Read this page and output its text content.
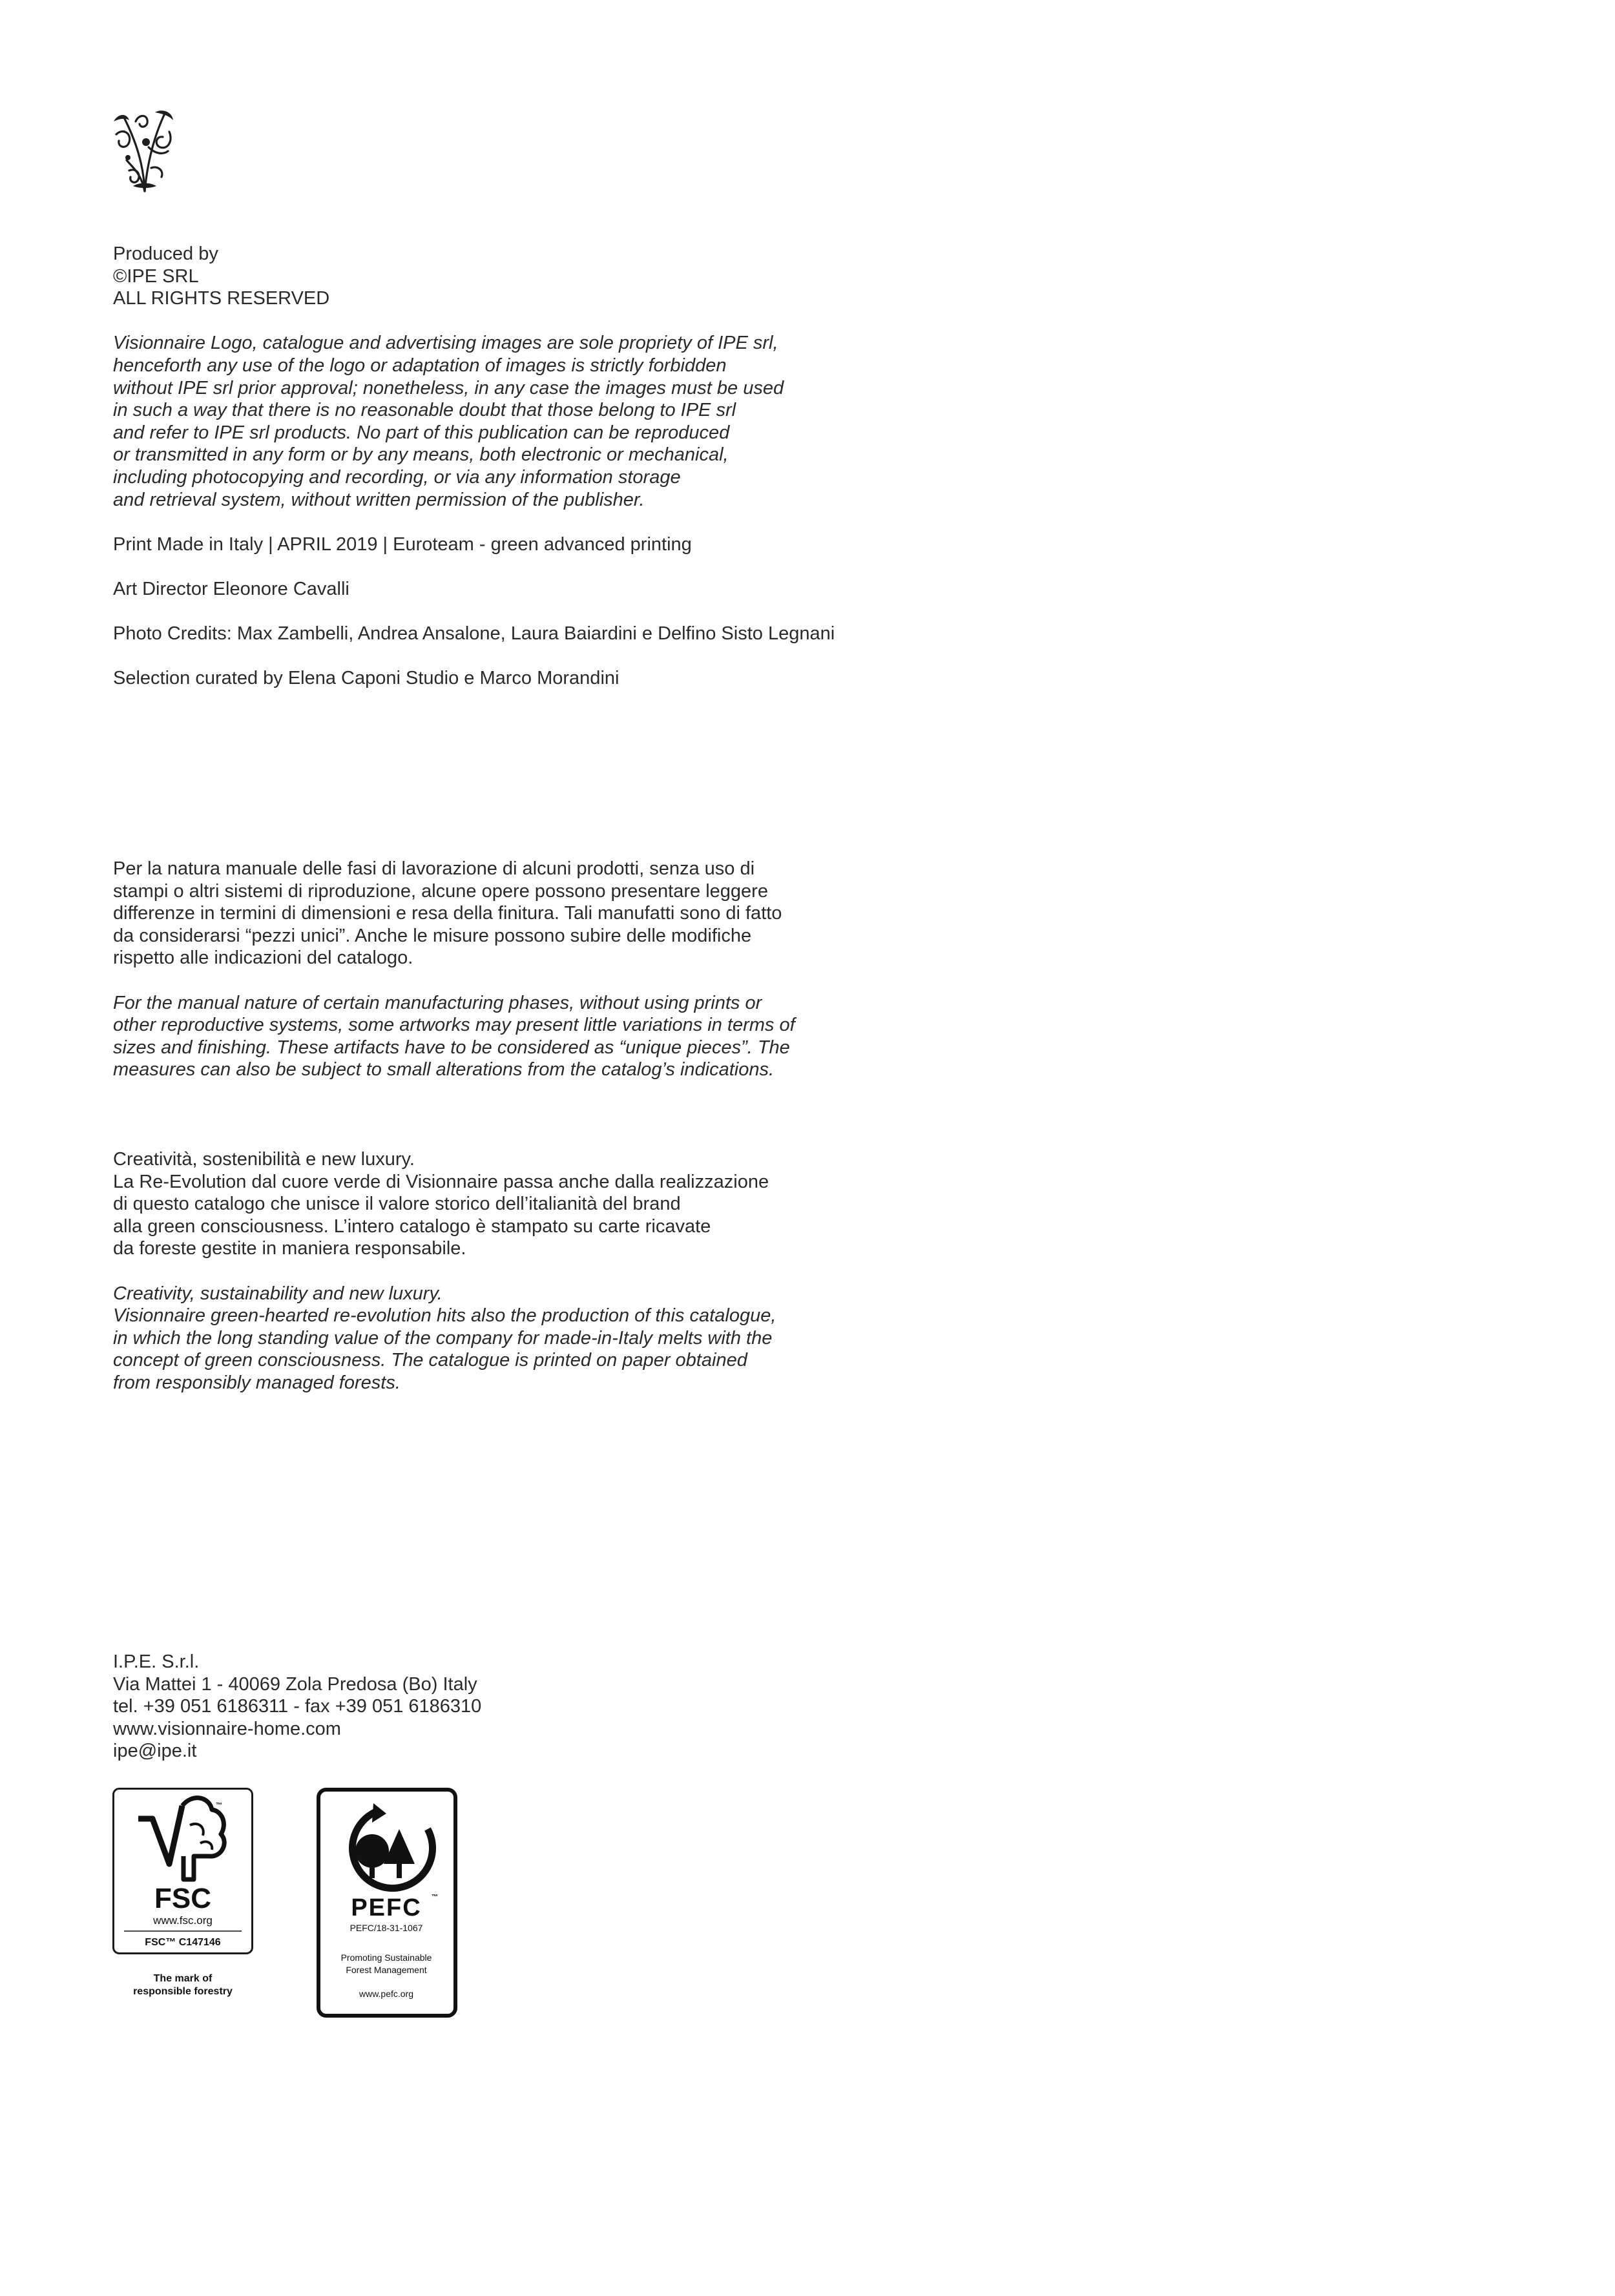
Produced by

©IPE SRL

ALL RIGHTS RESERVED

Visionnaire Logo, catalogue and advertising images are sole propriety of IPE srl,

henceforth any use of the logo or adaptation of images is strictly forbidden

without IPE srl prior approval; nonetheless, in any case the images must be used

in such a way that there is no reasonable doubt that those belong to IPE srl

and refer to IPE srl products. No part of this publication can be reproduced

or transmitted in any form or by any means, both electronic or mechanical,

including photocopying and recording, or via any information storage

and retrieval system, without written permission of the publisher.

Print Made in Italy | APRIL 2019 | Euroteam - green advanced printing

Art Director Eleonore Cavalli

Photo Credits: Max Zambelli, Andrea Ansalone, Laura Baiardini e Delfino Sisto Legnani

Selection curated by Elena Caponi Studio e Marco Morandini

Per la natura manuale delle fasi di lavorazione di alcuni prodotti, senza uso di

stampi o altri sistemi di riproduzione, alcune opere possono presentare leggere

differenze in termini di dimensioni e resa della finitura. Tali manufatti sono di fatto

da considerarsi “pezzi unici”. Anche le misure possono subire delle modifiche

rispetto alle indicazioni del catalogo.

For the manual nature of certain manufacturing phases, without using prints or

other reproductive systems, some artworks may present little variations in terms of

sizes and finishing. These artifacts have to be considered as “unique pieces”. The

measures can also be subject to small alterations from the catalog’s indications.

Creatività, sostenibilità e new luxury.

La Re-Evolution dal cuore verde di Visionnaire passa anche dalla realizzazione

di questo catalogo che unisce il valore storico dell’italianità del brand

alla green consciousness. L’intero catalogo è stampato su carte ricavate

da foreste gestite in maniera responsabile.

Creativity, sustainability and new luxury.

Visionnaire green-hearted re-evolution hits also the production of this catalogue,

in which the long standing value of the company for made-in-Italy melts with the

concept of green consciousness. The catalogue is printed on paper obtained

from responsibly managed forests.

I.P.E. S.r.l.

Via Mattei 1 - 40069 Zola Predosa (Bo) Italy

tel. +39 051 6186311 - fax +39 051 6186310

www.visionnaire-home.com

ipe@ipe.it

™
FSC
www.fsc.org
FSC™ C147146
The mark of
responsible forestry
PEFC ™
PEFC/18-31-1067
Promoting Sustainable
Forest Management
www.pefc.org
